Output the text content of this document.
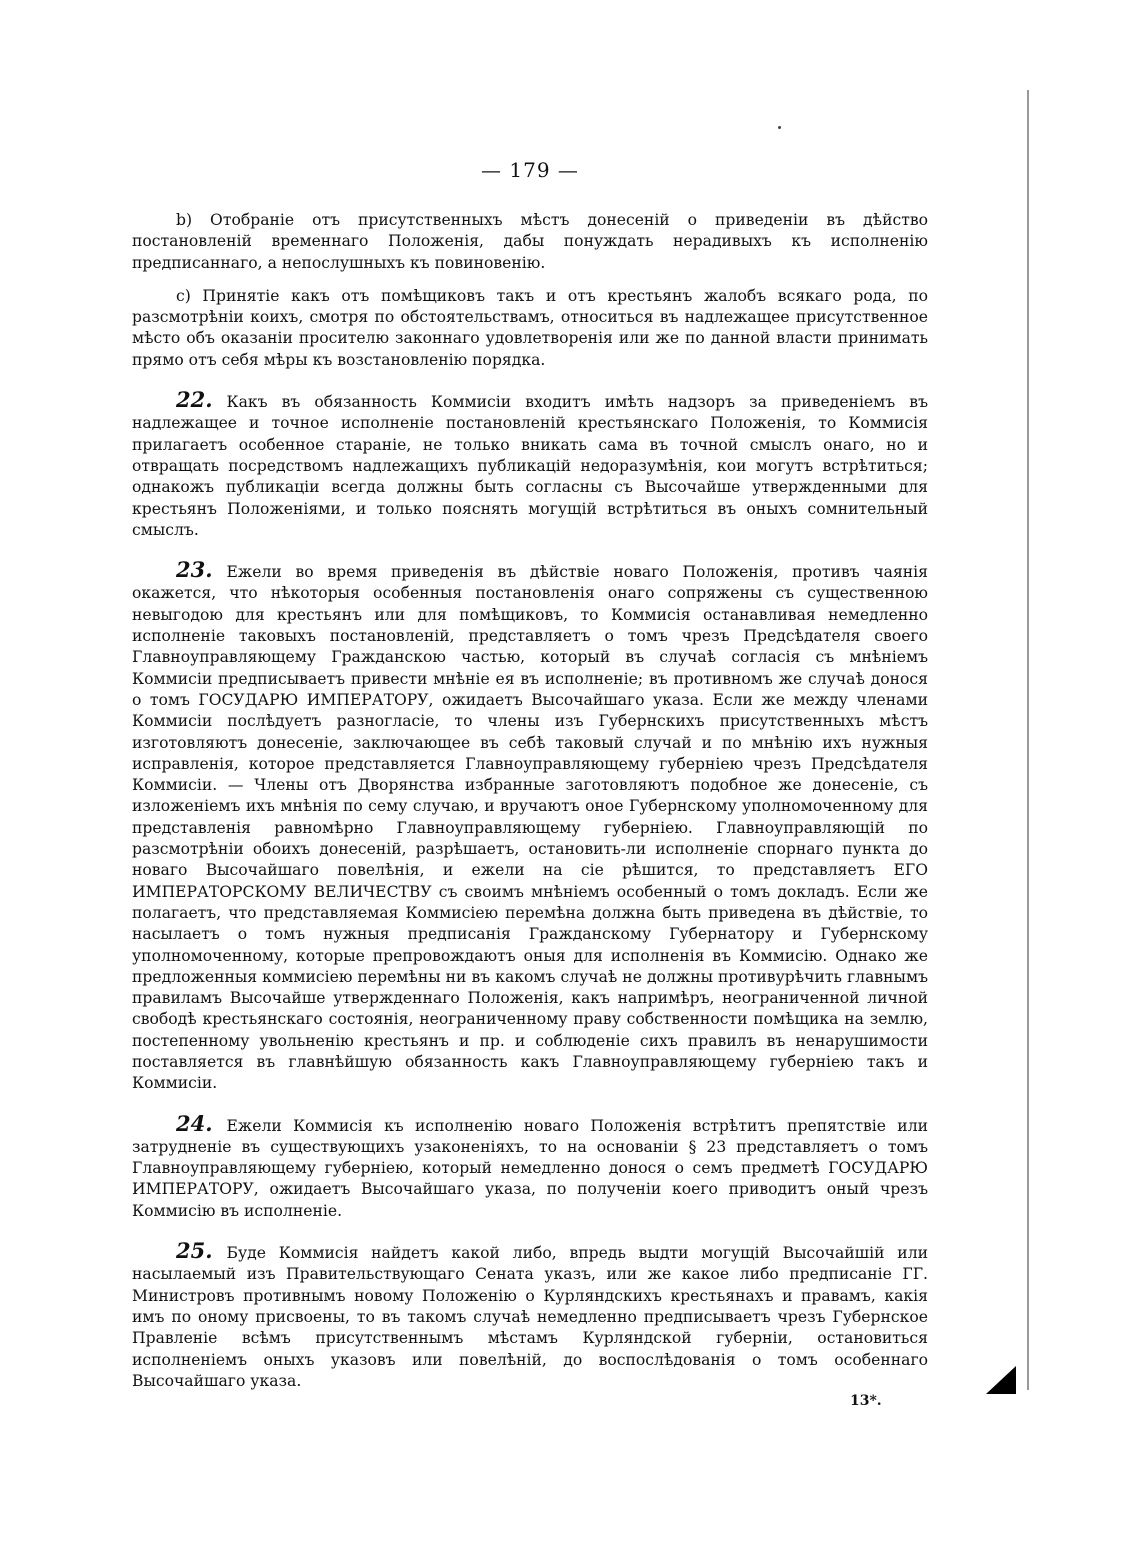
— 179 —

b) Отобраніе отъ присутственныхъ мѣстъ донесеній о приведеніи въ дѣйство постановленій временнаго Положенія, дабы понуждать нерадивыхъ къ исполненію предписаннаго, а непослушныхъ къ повиновенію.

c) Принятіе какъ отъ помѣщиковъ такъ и отъ крестьянъ жалобъ всякаго рода, по разсмотрѣніи коихъ, смотря по обстоятельствамъ, относиться въ надлежащее присутственное мѣсто объ оказаніи просителю законнаго удовлетворенія или же по данной власти принимать прямо отъ себя мѣры къ возстановленію порядка.

22. Какъ въ обязанность Коммисіи входитъ имѣть надзоръ за приведеніемъ въ надлежащее и точное исполненіе постановленій крестьянскаго Положенія, то Коммисія прилагаетъ особенное стараніе, не только вникать сама въ точной смыслъ онаго, но и отвращать посредствомъ надлежащихъ публикацій недоразумѣнія, кои могутъ встрѣтиться; однакожъ публикаціи всегда должны быть согласны съ Высочайше утвержденными для крестьянъ Положеніями, и только пояснять могущій встрѣтиться въ оныхъ сомнительный смыслъ.

23. Ежели во время приведенія въ дѣйствіе новаго Положенія, противъ чаянія окажется, что нѣкоторыя особенныя постановленія онаго сопряжены съ существенною невыгодою для крестьянъ или для помѣщиковъ, то Коммисія останавливая немедленно исполненіе таковыхъ постановленій, представляетъ о томъ чрезъ Предсѣдателя своего Главноуправляющему Гражданскою частью, который въ случаѣ согласія съ мнѣніемъ Коммисіи предписываетъ привести мнѣніе ея въ исполненіе; въ противномъ же случаѣ донося о томъ ГОСУДАРЮ ИМПЕРАТОРУ, ожидаетъ Высочайшаго указа. Если же между членами Коммисіи послѣдуетъ разногласіе, то члены изъ Губернскихъ присутственныхъ мѣстъ изготовляютъ донесеніе, заключающее въ себѣ таковый случай и по мнѣнію ихъ нужныя исправленія, которое представляется Главноуправляющему губерніею чрезъ Предсѣдателя Коммисіи. — Члены отъ Дворянства избранные заготовляютъ подобное же донесеніе, съ изложеніемъ ихъ мнѣнія по сему случаю, и вручаютъ оное Губернскому уполномоченному для представленія равномѣрно Главноуправляющему губерніею. Главноуправляющій по разсмотрѣніи обоихъ донесеній, разрѣшаетъ, остановить-ли исполненіе спорнаго пункта до новаго Высочайшаго повелѣнія, и ежели на сіе рѣшится, то представляетъ ЕГО ИМПЕРАТОРСКОМУ ВЕЛИЧЕСТВУ съ своимъ мнѣніемъ особенный о томъ докладъ. Если же полагаетъ, что представляемая Коммисіею перемѣна должна быть приведена въ дѣйствіе, то насылаетъ о томъ нужныя предписанія Гражданскому Губернатору и Губернскому уполномоченному, которые препровождаютъ оныя для исполненія въ Коммисію. Однако же предложенныя коммисіею перемѣны ни въ какомъ случаѣ не должны противурѣчить главнымъ правиламъ Высочайше утвержденнаго Положенія, какъ напримѣръ, неограниченной личной свободѣ крестьянскаго состоянія, неограниченному праву собственности помѣщика на землю, постепенному увольненію крестьянъ и пр. и соблюденіе сихъ правилъ въ ненарушимости поставляется въ главнѣйшую обязанность какъ Главноуправляющему губерніею такъ и Коммисіи.

24. Ежели Коммисія къ исполненію новаго Положенія встрѣтитъ препятствіе или затрудненіе въ существующихъ узаконеніяхъ, то на основаніи § 23 представляетъ о томъ Главноуправляющему губерніею, который немедленно донося о семъ предметѣ ГОСУДАРЮ ИМПЕРАТОРУ, ожидаетъ Высочайшаго указа, по полученіи коего приводитъ оный чрезъ Коммисію въ исполненіе.

25. Буде Коммисія найдетъ какой либо, впредь выдти могущій Высочайшій или насылаемый изъ Правительствующаго Сената указъ, или же какое либо предписаніе ГГ. Министровъ противнымъ новому Положенію о Курляндскихъ крестьянахъ и правамъ, какія имъ по оному присвоены, то въ такомъ случаѣ немедленно предписываетъ чрезъ Губернское Правленіе всѣмъ присутственнымъ мѣстамъ Курляндской губерніи, остановиться исполненіемъ оныхъ указовъ или повелѣній, до воспослѣдованія о томъ особеннаго Высочайшаго указа.

13*.
